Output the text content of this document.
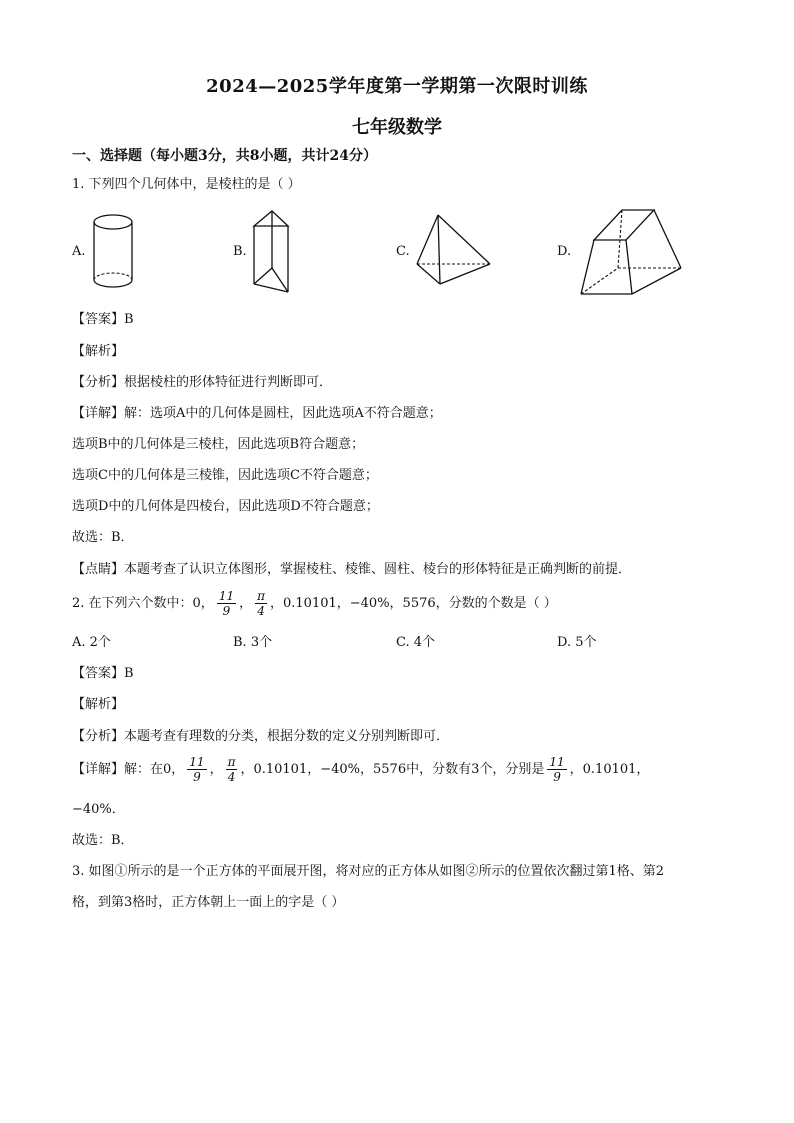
2024—2025学年度第一学期第一次限时训练
七年级数学
一、选择题（每小题3分，共8小题，共计24分）
1. 下列四个几何体中，是棱柱的是（ ）
A.	B.	C.	D.
【答案】B
【解析】
【分析】根据棱柱的形体特征进行判断即可．
【详解】解：选项A中的几何体是圆柱，因此选项A不符合题意；
选项B中的几何体是三棱柱，因此选项B符合题意；
选项C中的几何体是三棱锥，因此选项C不符合题意；
选项D中的几何体是四棱台，因此选项D不符合题意；
故选：B．
【点睛】本题考查了认识立体图形，掌握棱柱、棱锥、圆柱、棱台的形体特征是正确判断的前提．
2. 在下列六个数中：0， $\frac{11}{9}$ ， $\frac{\pi}{4}$ ，0.10101，−40%，5576，分数的个数是（ ）
A. 2个	B. 3个	C. 4个	D. 5个
【答案】B
【解析】
【分析】本题考查有理数的分类，根据分数的定义分别判断即可．
【详解】解：在0， $\frac{11}{9}$ ， $\frac{\pi}{4}$ ，0.10101，−40%，5576中，分数有3个，分别是 $\frac{11}{9}$ ，0.10101，
−40%．
故选：B．
3. 如图①所示的是一个正方体的平面展开图，将对应的正方体从如图②所示的位置依次翻过第1格、第2
格，到第3格时，正方体朝上一面上的字是（ ）
